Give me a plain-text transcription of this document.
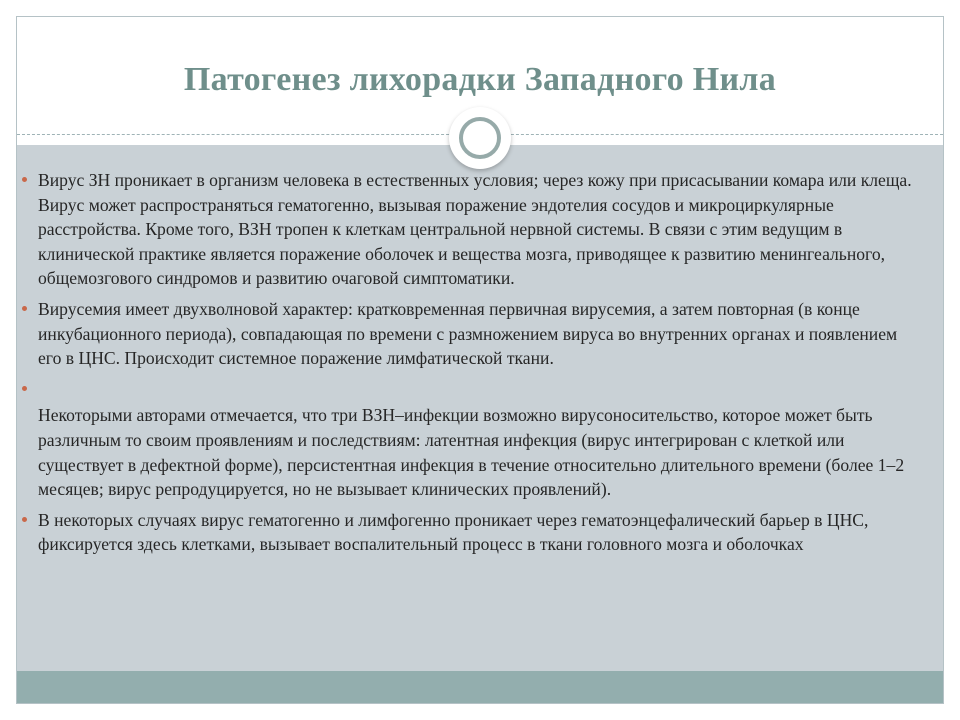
Патогенез лихорадки Западного Нила
Вирус ЗН проникает в организм человека в естественных условия; через кожу при присасывании комара или клеща. Вирус может распространяться гематогенно, вызывая поражение эндотелия сосудов и микроциркулярные расстройства. Кроме того, ВЗН тропен к клеткам центральной нервной системы. В связи с этим ведущим в клинической практике является поражение оболочек и вещества мозга, приводящее к развитию менингеального, общемозгового синдромов и развитию очаговой симптоматики.
Вирусемия имеет двухволновой характер: кратковременная первичная вирусемия, а затем повторная (в конце инкубационного периода), совпадающая по времени с размножением вируса во внутренних органах и появлением его в ЦНС. Происходит системное поражение лимфатической ткани.
Некоторыми авторами отмечается, что три ВЗН–инфекции возможно вирусоносительство, которое может быть различным то своим проявлениям и последствиям: латентная инфекция (вирус интегрирован с клеткой или существует в дефектной форме), персистентная инфекция в течение относительно длительного времени (более 1–2 месяцев; вирус репродуцируется, но не вызывает клинических проявлений).
В некоторых случаях вирус гематогенно и лимфогенно проникает через гематоэнцефалический барьер в ЦНС, фиксируется здесь клетками, вызывает воспалительный процесс в ткани головного мозга и оболочках
